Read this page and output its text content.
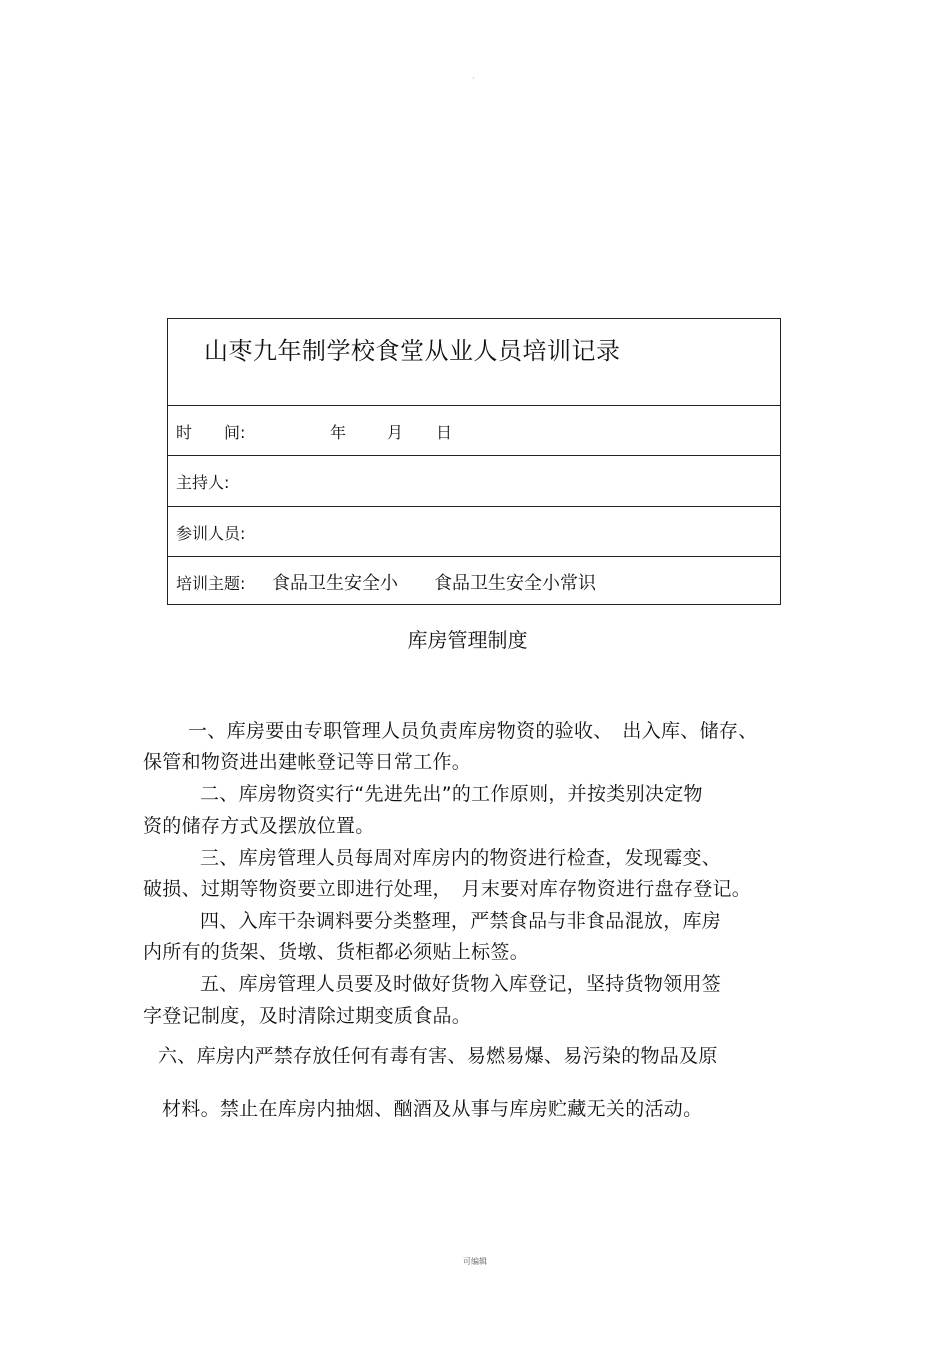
·
山枣九年制学校食堂从业人员培训记录
时　　间:	年	月 日
主持人:
参训人员:
培训主题: 食品卫生安全小 食品卫生安全小常识
库房管理制度
一、库房要由专职管理人员负责库房物资的验收、　出入库、储存、
保管和物资进出建帐登记等日常工作。
二、库房物资实行“先进先出”的工作原则，并按类别决定物
资的储存方式及摆放位置。
三、库房管理人员每周对库房内的物资进行检查，发现霉变、
破损、过期等物资要立即进行处理，　月末要对库存物资进行盘存登记。
四、入库干杂调料要分类整理，严禁食品与非食品混放，库房
内所有的货架、货墩、货柜都必须贴上标签。
五、库房管理人员要及时做好货物入库登记，坚持货物领用签
字登记制度，及时清除过期变质食品。
六、库房内严禁存放任何有毒有害、易燃易爆、易污染的物品及原
材料。禁止在库房内抽烟、酗酒及从事与库房贮藏无关的活动。
可编辑
